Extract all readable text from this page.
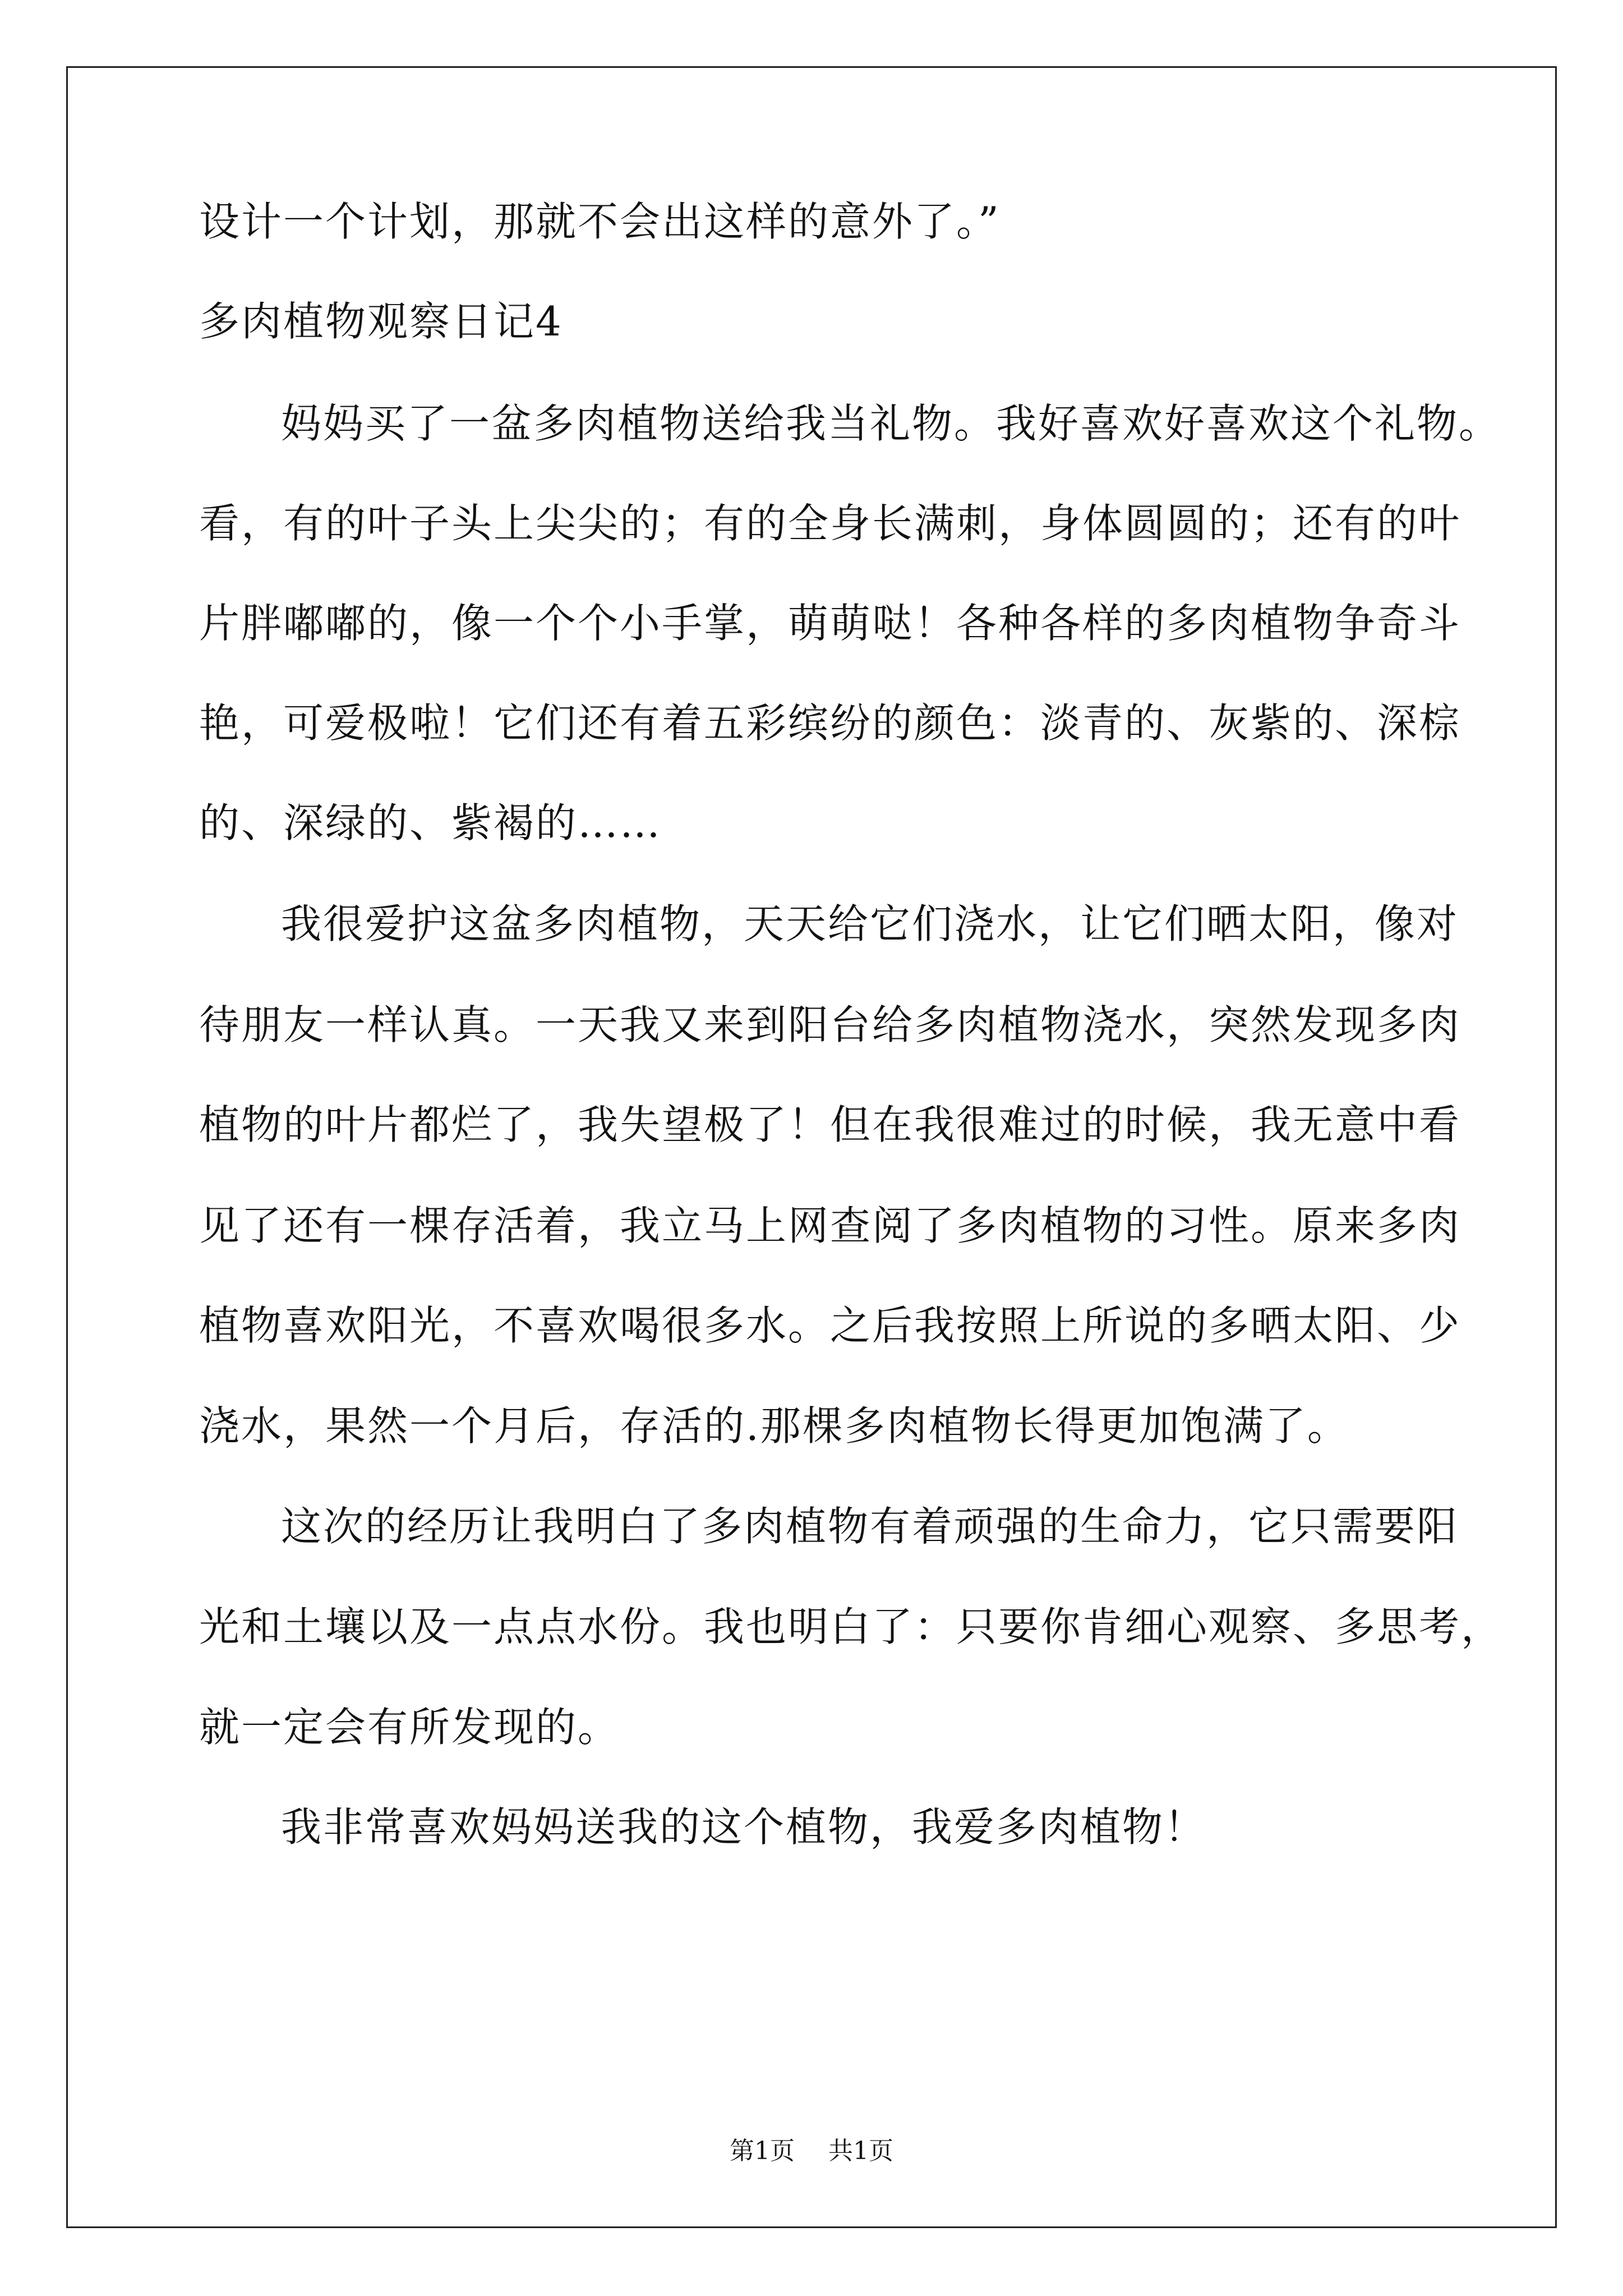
设计一个计划，那就不会出这样的意外了。”
多肉植物观察日记4
妈妈买了一盆多肉植物送给我当礼物。我好喜欢好喜欢这个礼物。
看，有的叶子头上尖尖的；有的全身长满刺，身体圆圆的；还有的叶
片胖嘟嘟的，像一个个小手掌，萌萌哒！各种各样的多肉植物争奇斗
艳，可爱极啦！它们还有着五彩缤纷的颜色：淡青的、灰紫的、深棕
的、深绿的、紫褐的……
我很爱护这盆多肉植物，天天给它们浇水，让它们晒太阳，像对
待朋友一样认真。一天我又来到阳台给多肉植物浇水，突然发现多肉
植物的叶片都烂了，我失望极了！但在我很难过的时候，我无意中看
见了还有一棵存活着，我立马上网查阅了多肉植物的习性。原来多肉
植物喜欢阳光，不喜欢喝很多水。之后我按照上所说的多晒太阳、少
浇水，果然一个月后，存活的.那棵多肉植物长得更加饱满了。
这次的经历让我明白了多肉植物有着顽强的生命力，它只需要阳
光和土壤以及一点点水份。我也明白了：只要你肯细心观察、多思考，
就一定会有所发现的。
我非常喜欢妈妈送我的这个植物，我爱多肉植物！
第1页 共1页
